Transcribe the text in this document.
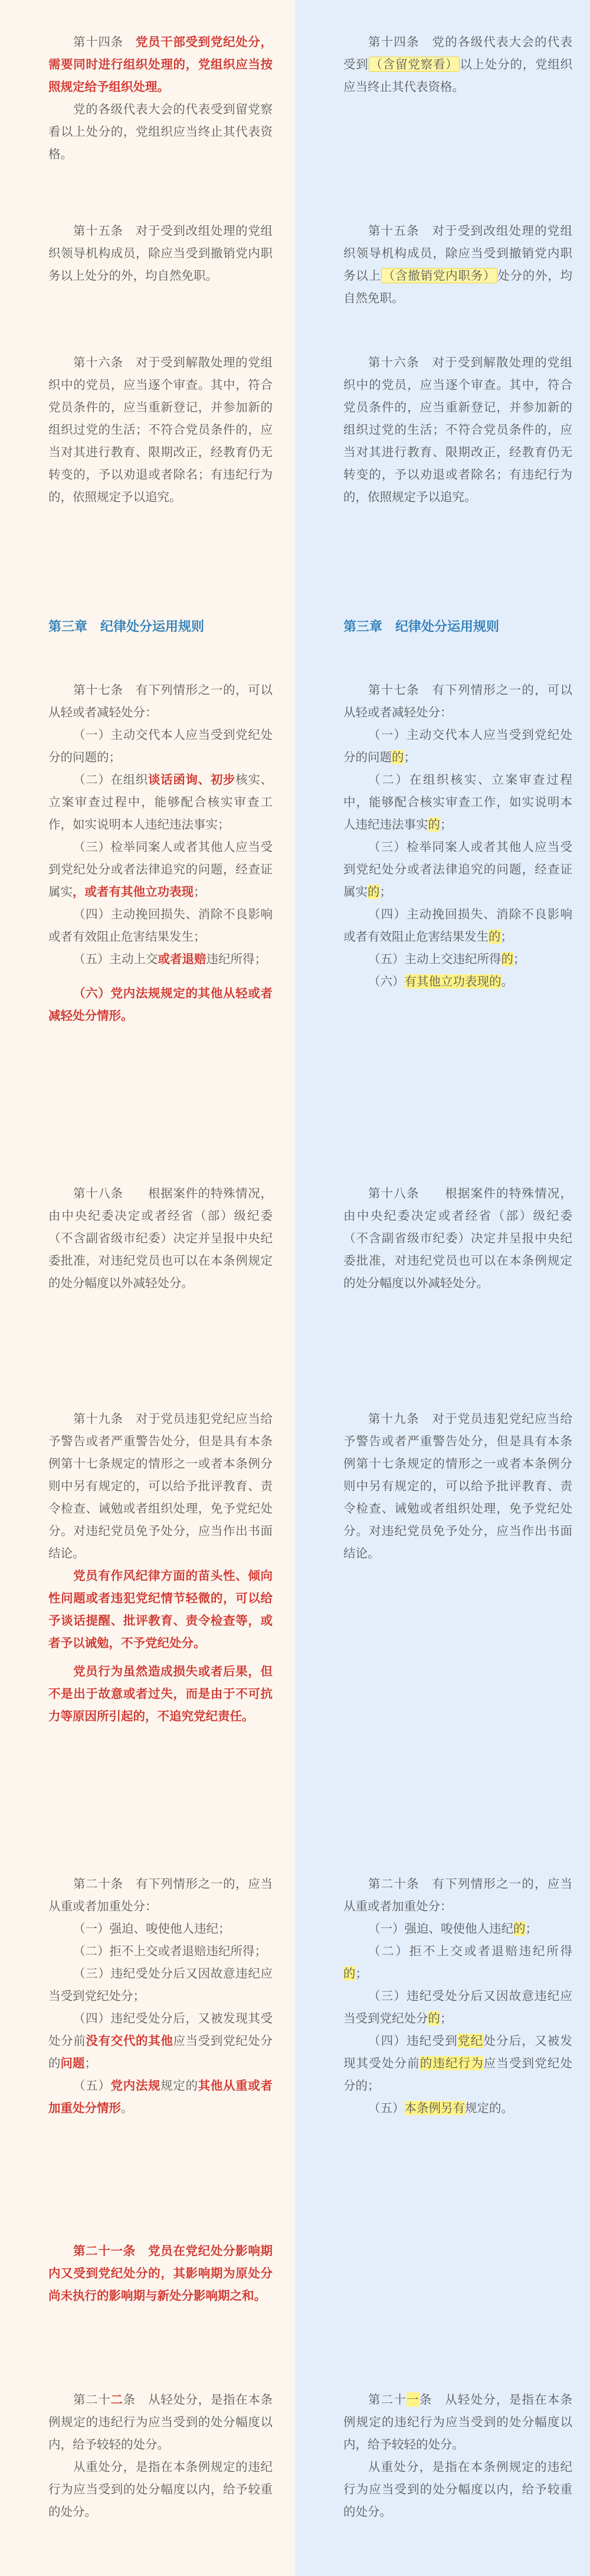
第十四条　 党员干部受到党纪处分，需要同时进行组织处理的，党组织应当按照规定给予组织处理。

党的各级代表大会的代表受到留党察看以上处分的，党组织应当终止其代表资格。

第十五条　对于受到改组处理的党组织领导机构成员，除应当受到撤销党内职务以上处分的外，均自然免职。

第十六条　对于受到解散处理的党组织中的党员，应当逐个审查。其中，符合党员条件的，应当重新登记，并参加新的组织过党的生活；不符合党员条件的，应当对其进行教育、限期改正，经教育仍无转变的，予以劝退或者除名；有违纪行为的，依照规定予以追究。

第三章　纪律处分运用规则

第十七条　有下列情形之一的，可以从轻或者减轻处分：

（一）主动交代本人应当受到党纪处分的问题的；

（二）在组织谈话函询、初步核实、立案审查过程中，能够配合核实审查工作，如实说明本人违纪违法事实；

（三）检举同案人或者其他人应当受到党纪处分或者法律追究的问题，经查证属实，或者有其他立功表现；

（四）主动挽回损失、消除不良影响或者有效阻止危害结果发生；

（五）主动上交或者退赔违纪所得；

（六）党内法规规定的其他从轻或者减轻处分情形。

第十八条　　根据案件的特殊情况，由中央纪委决定或者经省（部）级纪委（不含副省级市纪委）决定并呈报中央纪委批准，对违纪党员也可以在本条例规定的处分幅度以外减轻处分。

第十九条　对于党员违犯党纪应当给予警告或者严重警告处分，但是具有本条例第十七条规定的情形之一或者本条例分则中另有规定的，可以给予批评教育、责令检查、诫勉或者组织处理，免予党纪处分。对违纪党员免予处分，应当作出书面结论。

党员有作风纪律方面的苗头性、倾向性问题或者违犯党纪情节轻微的，可以给予谈话提醒、批评教育、责令检查等，或者予以诫勉，不予党纪处分。

党员行为虽然造成损失或者后果，但不是出于故意或者过失，而是由于不可抗力等原因所引起的，不追究党纪责任。

第二十条　有下列情形之一的，应当从重或者加重处分：

（一）强迫、唆使他人违纪；

（二）拒不上交或者退赔违纪所得；

（三）违纪受处分后又因故意违纪应当受到党纪处分；

（四）违纪受处分后，又被发现其受处分前没有交代的其他应当受到党纪处分的问题；

（五）党内法规规定的其他从重或者加重处分情形。

第二十一条　党员在党纪处分影响期内又受到党纪处分的，其影响期为原处分尚未执行的影响期与新处分影响期之和。

第二十二条　从轻处分，是指在本条例规定的违纪行为应当受到的处分幅度以内，给予较轻的处分。

从重处分，是指在本条例规定的违纪行为应当受到的处分幅度以内，给予较重的处分。

第十四条　党的各级代表大会的代表受到 （含留党察看） 以上处分的，党组织应当终止其代表资格。

第十五条　对于受到改组处理的党组织领导机构成员，除应当受到撤销党内职务以上 （含撤销党内职务） 处分的外，均自然免职。

第十六条　对于受到解散处理的党组织中的党员，应当逐个审查。其中，符合党员条件的，应当重新登记，并参加新的组织过党的生活；不符合党员条件的，应当对其进行教育、限期改正，经教育仍无转变的，予以劝退或者除名；有违纪行为的，依照规定予以追究。

第三章　纪律处分运用规则

第十七条　有下列情形之一的，可以从轻或者减轻处分：

（一）主动交代本人应当受到党纪处分的问题的；

（二）在组织核实、立案审查过程中，能够配合核实审查工作，如实说明本人违纪违法事实的；

（三）检举同案人或者其他人应当受到党纪处分或者法律追究的问题，经查证属实的；

（四）主动挽回损失、消除不良影响或者有效阻止危害结果发生的；

（五）主动上交违纪所得的；

（六）有其他立功表现的。

第十八条　　根据案件的特殊情况，由中央纪委决定或者经省（部）级纪委（不含副省级市纪委）决定并呈报中央纪委批准，对违纪党员也可以在本条例规定的处分幅度以外减轻处分。

第十九条　对于党员违犯党纪应当给予警告或者严重警告处分，但是具有本条例第十七条规定的情形之一或者本条例分则中另有规定的，可以给予批评教育、责令检查、诫勉或者组织处理，免予党纪处分。对违纪党员免予处分，应当作出书面结论。

第二十条　有下列情形之一的，应当从重或者加重处分：

（一）强迫、唆使他人违纪的；

（二）拒不上交或者退赔违纪所得的；

（三）违纪受处分后又因故意违纪应当受到党纪处分的；

（四）违纪受到党纪处分后，又被发现其受处分前的违纪行为应当受到党纪处分的；

（五）本条例另有规定的。

第二十一条　从轻处分，是指在本条例规定的违纪行为应当受到的处分幅度以内，给予较轻的处分。

从重处分，是指在本条例规定的违纪行为应当受到的处分幅度以内，给予较重的处分。
